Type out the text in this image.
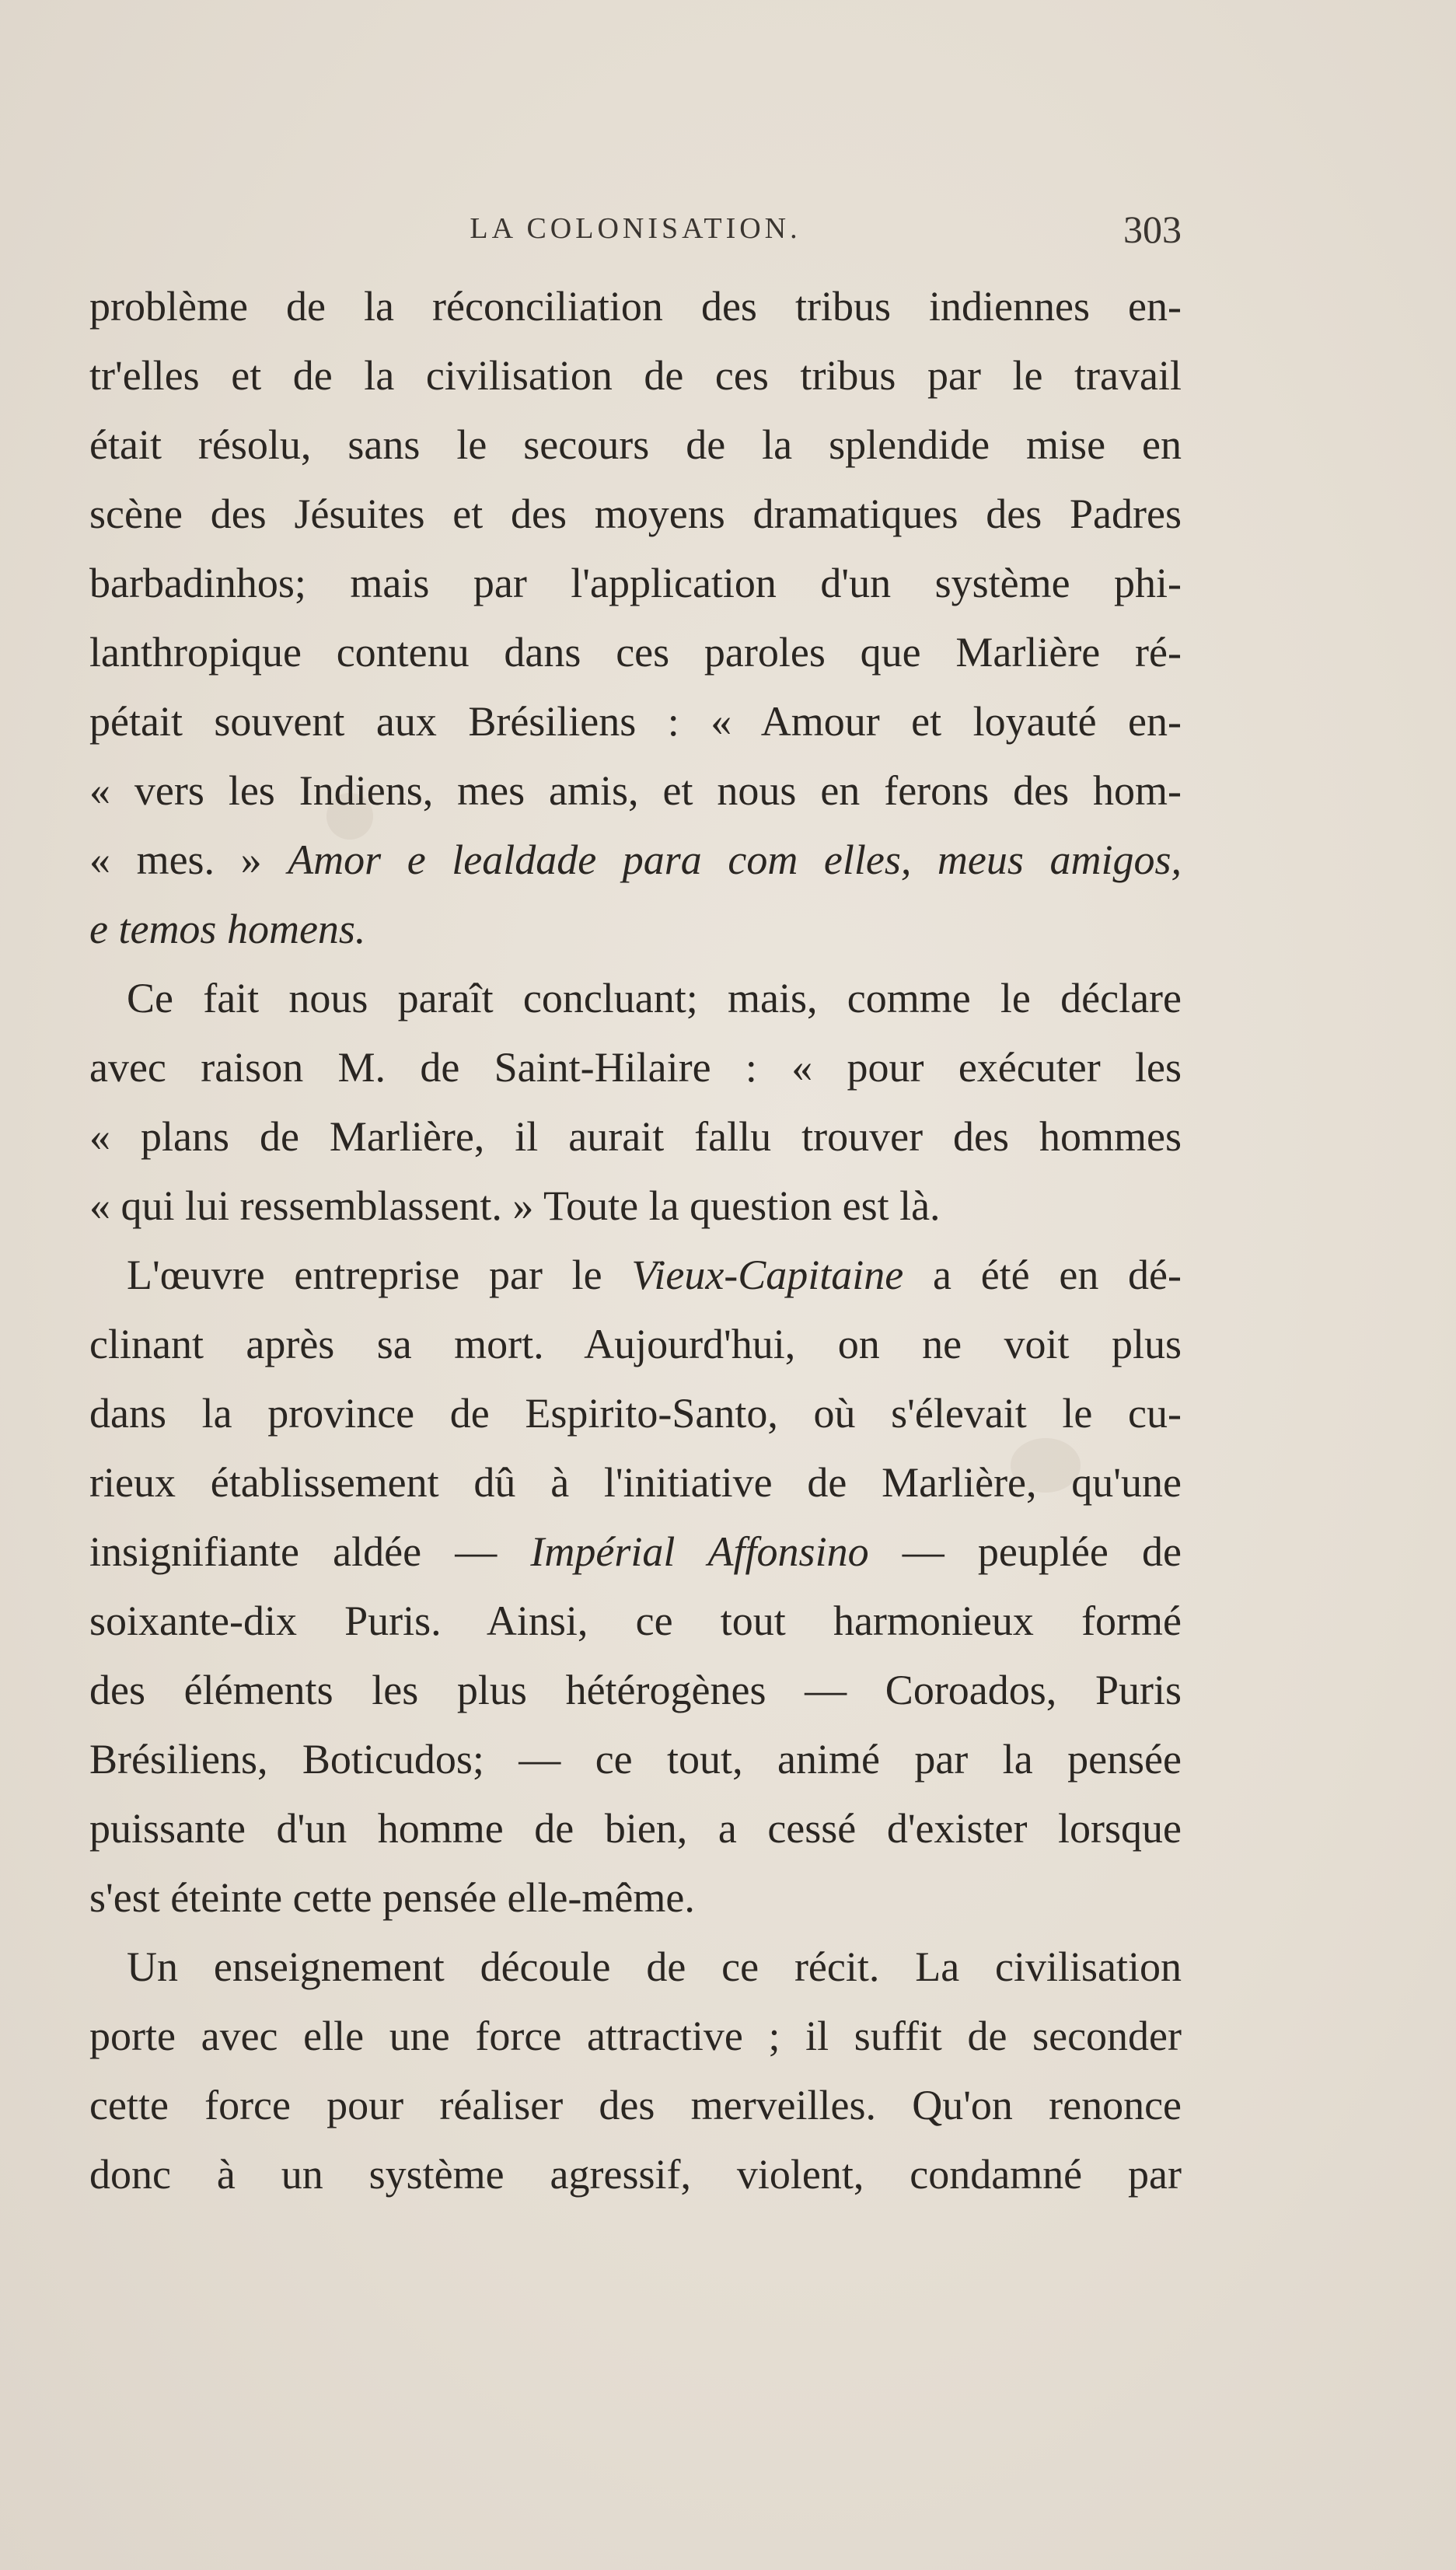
LA COLONISATION.	303
problème de la réconciliation des tribus indiennes en-
tr'elles et de la civilisation de ces tribus par le travail
était résolu, sans le secours de la splendide mise en
scène des Jésuites et des moyens dramatiques des Padres
barbadinhos; mais par l'application d'un système phi-
lanthropique contenu dans ces paroles que Marlière ré-
pétait souvent aux Brésiliens : « Amour et loyauté en-
« vers les Indiens, mes amis, et nous en ferons des hom-
« mes. » Amor e lealdade para com elles, meus amigos,
e temos homens.
Ce fait nous paraît concluant; mais, comme le déclare
avec raison M. de Saint-Hilaire : « pour exécuter les
« plans de Marlière, il aurait fallu trouver des hommes
« qui lui ressemblassent. » Toute la question est là.
L'œuvre entreprise par le Vieux-Capitaine a été en dé-
clinant après sa mort. Aujourd'hui, on ne voit plus
dans la province de Espirito-Santo, où s'élevait le cu-
rieux établissement dû à l'initiative de Marlière, qu'une
insignifiante aldée — Impérial Affonsino — peuplée de
soixante-dix Puris. Ainsi, ce tout harmonieux formé
des éléments les plus hétérogènes — Coroados, Puris
Brésiliens, Boticudos; — ce tout, animé par la pensée
puissante d'un homme de bien, a cessé d'exister lorsque
s'est éteinte cette pensée elle-même.
Un enseignement découle de ce récit. La civilisation
porte avec elle une force attractive ; il suffit de seconder
cette force pour réaliser des merveilles. Qu'on renonce
donc à un système agressif, violent, condamné par
